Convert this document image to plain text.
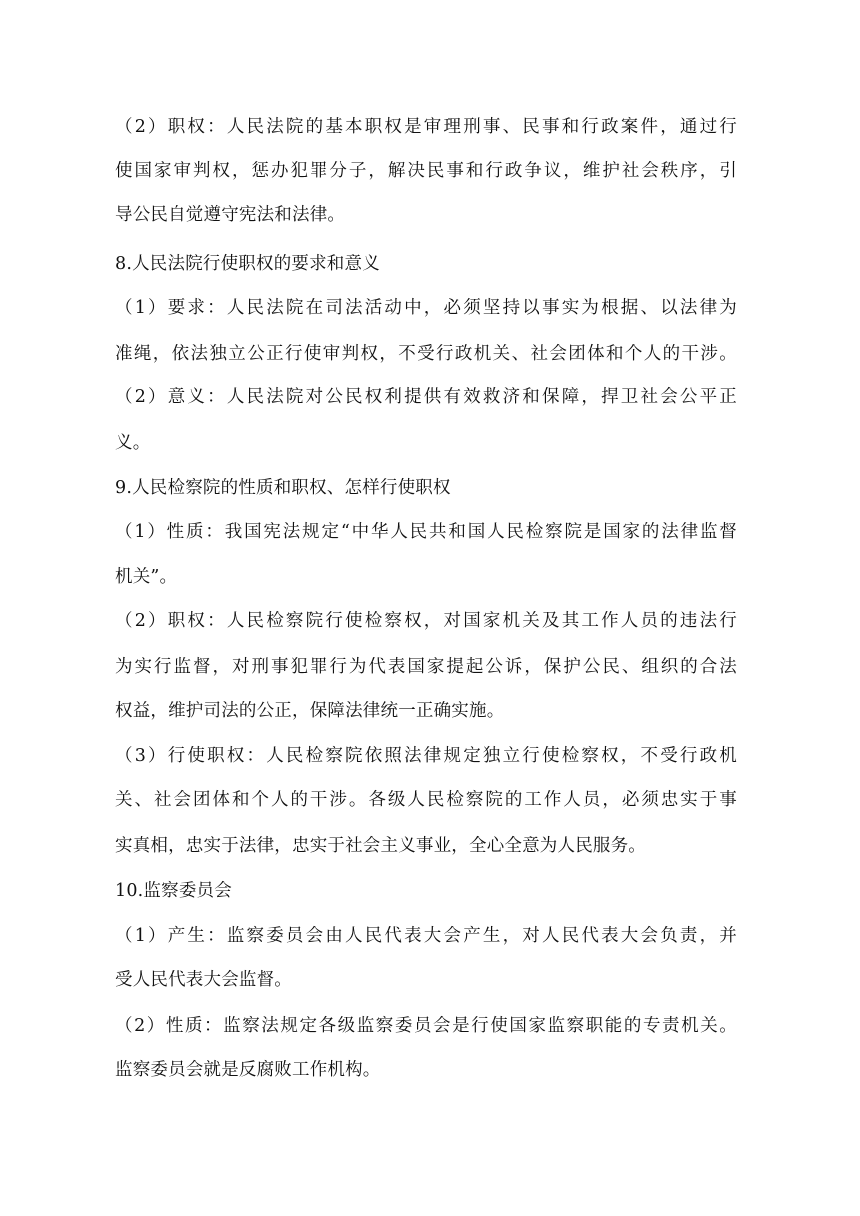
（2）职权：人民法院的基本职权是审理刑事、民事和行政案件，通过行
使国家审判权，惩办犯罪分子，解决民事和行政争议，维护社会秩序，引
导公民自觉遵守宪法和法律。
8.人民法院行使职权的要求和意义
（1）要求：人民法院在司法活动中，必须坚持以事实为根据、以法律为
准绳，依法独立公正行使审判权，不受行政机关、社会团体和个人的干涉。
（2）意义：人民法院对公民权利提供有效救济和保障，捍卫社会公平正
义。
9.人民检察院的性质和职权、怎样行使职权
（1）性质：我国宪法规定“中华人民共和国人民检察院是国家的法律监督
机关”。
（2）职权：人民检察院行使检察权，对国家机关及其工作人员的违法行
为实行监督，对刑事犯罪行为代表国家提起公诉，保护公民、组织的合法
权益，维护司法的公正，保障法律统一正确实施。
（3）行使职权：人民检察院依照法律规定独立行使检察权，不受行政机
关、社会团体和个人的干涉。各级人民检察院的工作人员，必须忠实于事
实真相，忠实于法律，忠实于社会主义事业，全心全意为人民服务。
10.监察委员会
（1）产生：监察委员会由人民代表大会产生，对人民代表大会负责，并
受人民代表大会监督。
（2）性质：监察法规定各级监察委员会是行使国家监察职能的专责机关。
监察委员会就是反腐败工作机构。
